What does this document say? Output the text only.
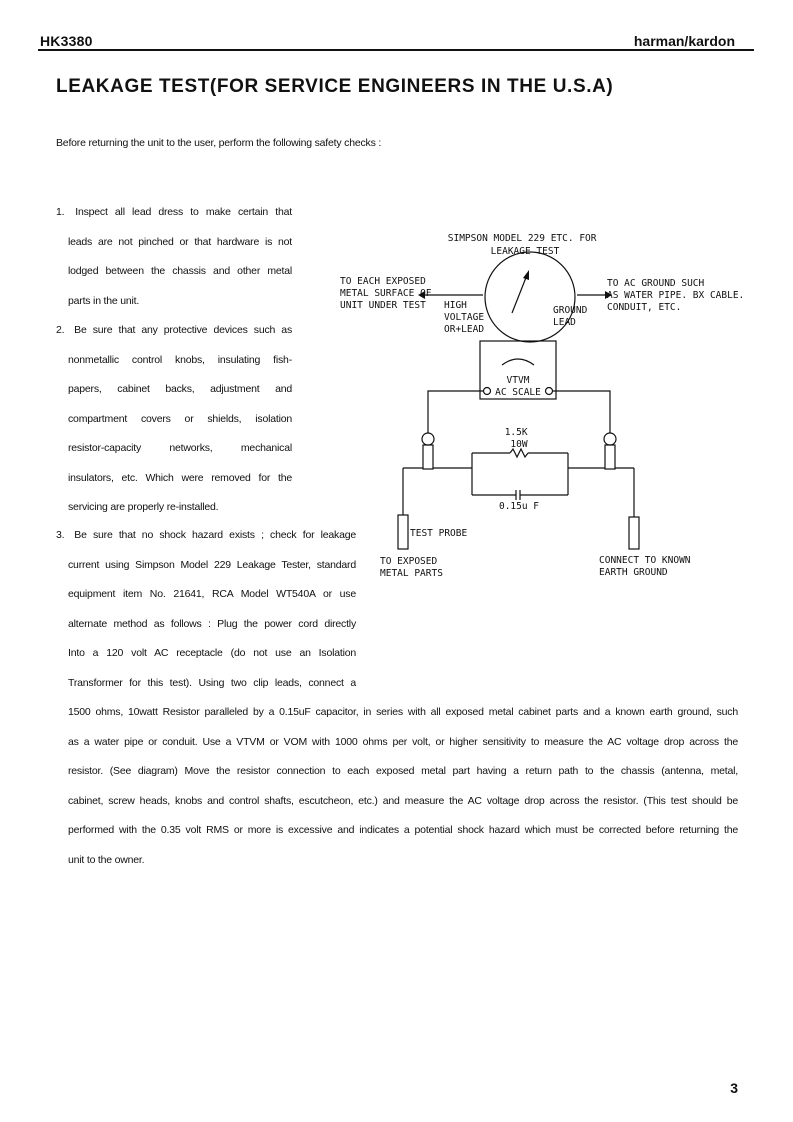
HK3380	harman/kardon
LEAKAGE TEST(FOR SERVICE ENGINEERS IN THE U.S.A)
Before returning the unit to the user, perform the following safety checks :
1. Inspect all lead dress to make certain that
leads are not pinched or that hardware is not
lodged between the chassis and other metal
parts in the unit.
2. Be sure that any protective devices such as
nonmetallic control knobs, insulating fish-
papers, cabinet backs, adjustment and
compartment covers or shields, isolation
resistor-capacity networks, mechanical
insulators, etc. Which were removed for the
servicing are properly re-installed.
3. Be sure that no shock hazard exists ; check for leakage
current using Simpson Model 229 Leakage Tester, standard
equipment item No. 21641, RCA Model WT540A or use
alternate method as follows : Plug the power cord directly
Into a 120 volt AC receptacle (do not use an Isolation
Transformer for this test). Using two clip leads, connect a
1500 ohms, 10watt Resistor paralleled by a 0.15uF capacitor, in series with all exposed metal cabinet parts and a known earth ground, such
as a water pipe or conduit. Use a VTVM or VOM with 1000 ohms per volt, or higher sensitivity to measure the AC voltage drop across the
resistor. (See diagram) Move the resistor connection to each exposed metal part having a return path to the chassis (antenna, metal,
cabinet, screw heads, knobs and control shafts, escutcheon, etc.) and measure the AC voltage drop across the resistor. (This test should be
performed with the 0.35 volt RMS or more is excessive and indicates a potential shock hazard which must be corrected before returning the
unit to the owner.
SIMPSON MODEL 229 ETC. FOR LEAKAGE TEST
TO EACH EXPOSED METAL SURFACE OF UNIT UNDER TEST
TO AC GROUND SUCH AS WATER PIPE. BX CABLE. CONDUIT, ETC.
HIGH VOLTAGE OR+LEAD
GROUND LEAD
VTVM
AC SCALE
1.5K 10W
0.15u F
TEST PROBE
TO EXPOSED METAL PARTS
CONNECT TO KNOWN EARTH GROUND
3
